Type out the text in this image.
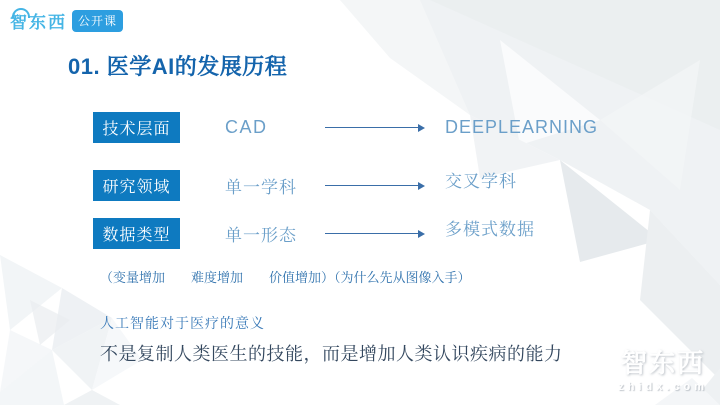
智东西 公开课
01. 医学AI的发展历程
技术层面	CAD	DEEPLEARNING
研究领域	单一学科	交叉学科
数据类型	单一形态	多模式数据

（变量增加　　难度增加　　价值增加）（为什么先从图像入手）

人工智能对于医疗的意义

不是复制人类医生的技能，而是增加人类认识疾病的能力 智东西
zhidx.com
